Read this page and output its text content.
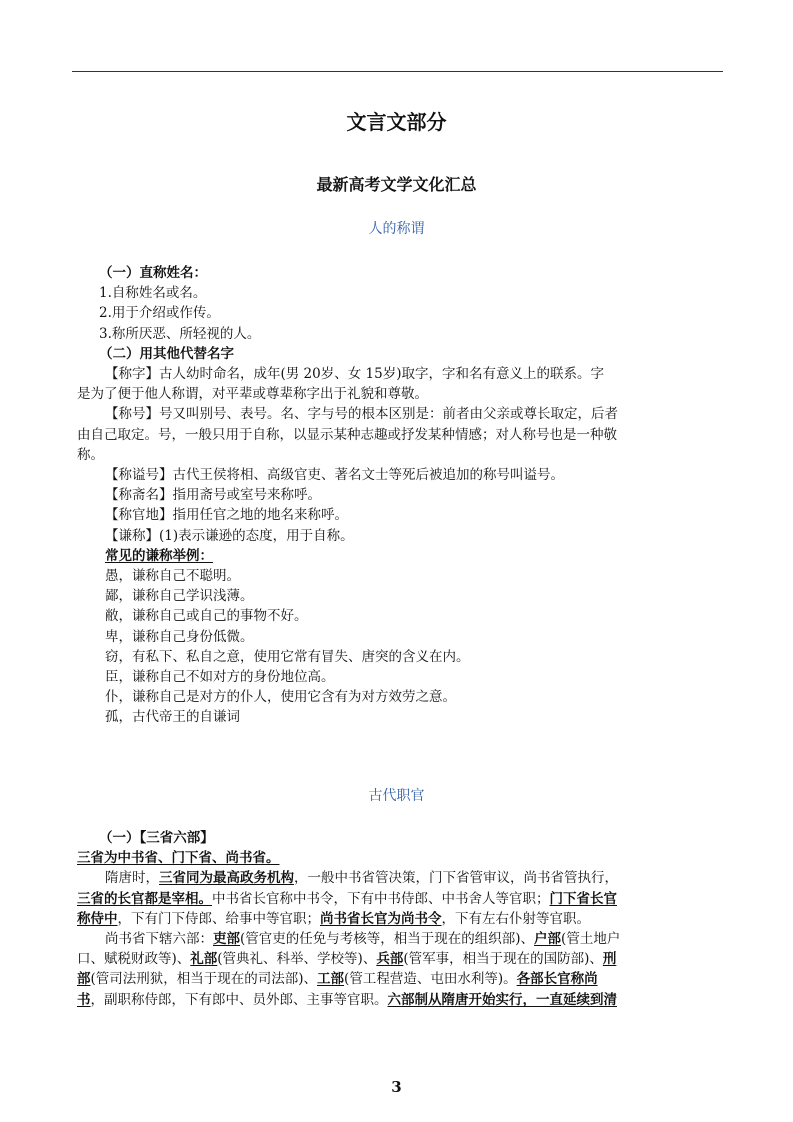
文言文部分
最新高考文学文化汇总
人的称谓
（一）直称姓名：
1.自称姓名或名。
2.用于介绍或作传。
3.称所厌恶、所轻视的人。
（二）用其他代替名字
【称字】古人幼时命名，成年(男 20岁、女 15岁)取字，字和名有意义上的联系。字
是为了便于他人称谓，对平辈或尊辈称字出于礼貌和尊敬。
【称号】号又叫别号、表号。名、字与号的根本区别是：前者由父亲或尊长取定，后者
由自己取定。号，一般只用于自称，以显示某种志趣或抒发某种情感；对人称号也是一种敬
称。
【称谥号】古代王侯将相、高级官吏、著名文士等死后被追加的称号叫谥号。
【称斋名】指用斋号或室号来称呼。
【称官地】指用任官之地的地名来称呼。
【谦称】(1)表示谦逊的态度，用于自称。
常见的谦称举例：
愚，谦称自己不聪明。
鄙，谦称自己学识浅薄。
敝，谦称自己或自己的事物不好。
卑，谦称自己身份低微。
窃，有私下、私自之意，使用它常有冒失、唐突的含义在内。
臣，谦称自己不如对方的身份地位高。
仆，谦称自己是对方的仆人，使用它含有为对方效劳之意。
孤，古代帝王的自谦词
古代职官
（一）【三省六部】
三省为中书省、门下省、尚书省。
隋唐时，三省同为最高政务机构，一般中书省管决策，门下省管审议，尚书省管执行，
三省的长官都是宰相。中书省长官称中书令，下有中书侍郎、中书舍人等官职；门下省长官
称侍中，下有门下侍郎、给事中等官职；尚书省长官为尚书令，下有左右仆射等官职。
尚书省下辖六部：吏部(管官吏的任免与考核等，相当于现在的组织部)、户部(管土地户
口、赋税财政等)、礼部(管典礼、科举、学校等)、兵部(管军事，相当于现在的国防部)、刑
部(管司法刑狱，相当于现在的司法部)、工部(管工程营造、屯田水利等)。各部长官称尚
书，副职称侍郎，下有郎中、员外郎、主事等官职。六部制从隋唐开始实行，一直延续到清
3
